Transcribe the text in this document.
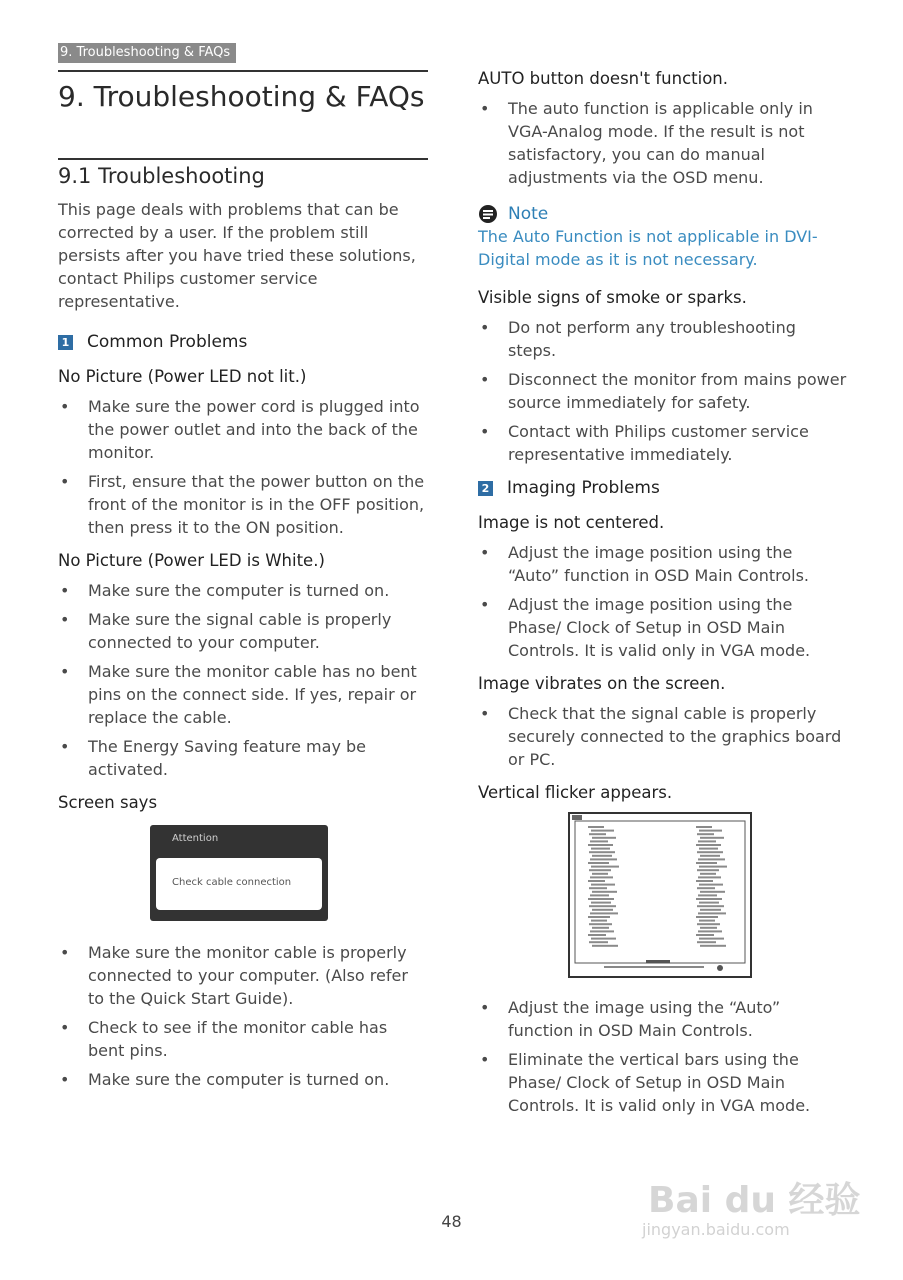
9. Troubleshooting & FAQs
9. Troubleshooting & FAQs
9.1 Troubleshooting

This page deals with problems that can be corrected by a user. If the problem still persists after you have tried these solutions, contact Philips customer service representative.

1 Common Problems
No Picture (Power LED not lit.)
• Make sure the power cord is plugged into the power outlet and into the back of the monitor.
• First, ensure that the power button on the front of the monitor is in the OFF position, then press it to the ON position.
No Picture (Power LED is White.)
• Make sure the computer is turned on.
• Make sure the signal cable is properly connected to your computer.
• Make sure the monitor cable has no bent pins on the connect side. If yes, repair or replace the cable.
• The Energy Saving feature may be activated.
Screen says
Attention
Check cable connection
• Make sure the monitor cable is properly connected to your computer. (Also refer to the Quick Start Guide).
• Check to see if the monitor cable has bent pins.
• Make sure the computer is turned on.
AUTO button doesn't function.
• The auto function is applicable only in VGA-Analog mode. If the result is not satisfactory, you can do manual adjustments via the OSD menu.
Note

The Auto Function is not applicable in DVI-Digital mode as it is not necessary.

Visible signs of smoke or sparks.
• Do not perform any troubleshooting steps.
• Disconnect the monitor from mains power source immediately for safety.
• Contact with Philips customer service representative immediately.
2 Imaging Problems
Image is not centered.
• Adjust the image position using the “Auto” function in OSD Main Controls.
• Adjust the image position using the Phase/ Clock of Setup in OSD Main Controls. It is valid only in VGA mode.
Image vibrates on the screen.
• Check that the signal cable is properly securely connected to the graphics board or PC.
Vertical flicker appears.
• Adjust the image using the “Auto” function in OSD Main Controls.
• Eliminate the vertical bars using the Phase/ Clock of Setup in OSD Main Controls. It is valid only in VGA mode.
48
Bai du 经验
jingyan.baidu.com
